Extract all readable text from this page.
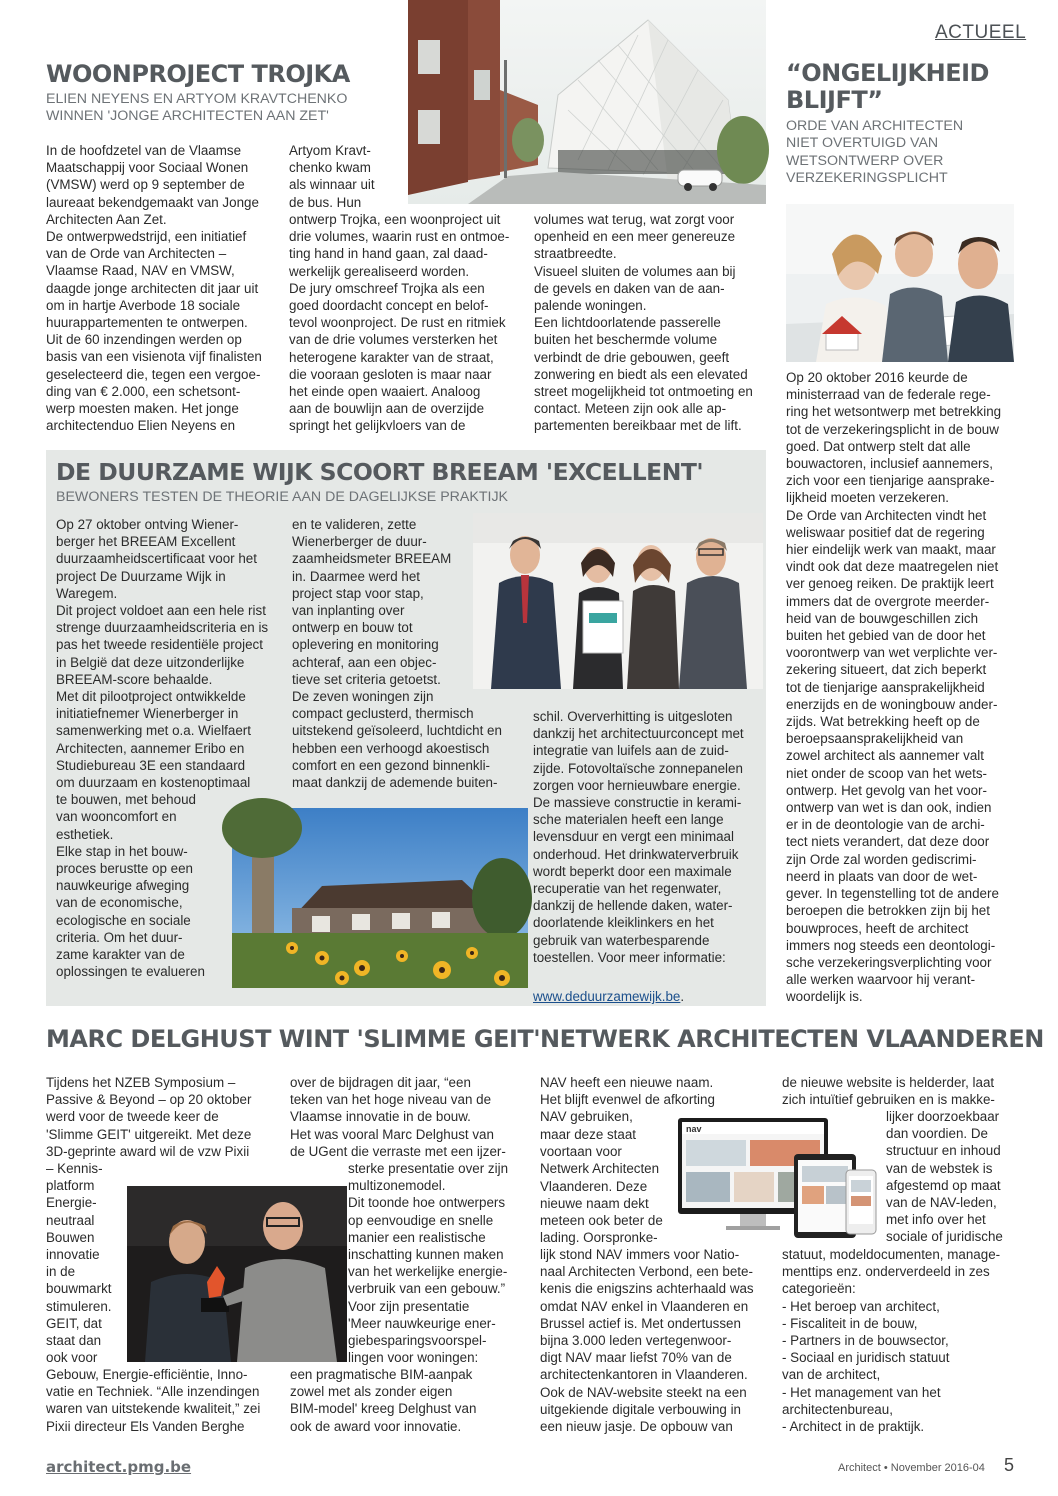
ACTUEEL
WOONPROJECT TROJKA
ELIEN NEYENS EN ARTYOM KRAVTCHENKO
WINNEN 'JONGE ARCHITECTEN AAN ZET'
In de hoofdzetel van de Vlaamse
Maatschappij voor Sociaal Wonen
(VMSW) werd op 9 september de
laureaat bekendgemaakt van Jonge
Architecten Aan Zet.
De ontwerpwedstrijd, een initiatief
van de Orde van Architecten –
Vlaamse Raad, NAV en VMSW,
daagde jonge architecten dit jaar uit
om in hartje Averbode 18 sociale
huurappartementen te ontwerpen.
Uit de 60 inzendingen werden op
basis van een visienota vijf finalisten
geselecteerd die, tegen een vergoe-
ding van € 2.000, een schetsont-
werp moesten maken. Het jonge
architectenduo Elien Neyens en
Artyom Kravt-
chenko kwam
als winnaar uit
de bus. Hun
ontwerp Trojka, een woonproject uit
drie volumes, waarin rust en ontmoe-
ting hand in hand gaan, zal daad-
werkelijk gerealiseerd worden.
De jury omschreef Trojka als een
goed doordacht concept en belof-
tevol woonproject. De rust en ritmiek
van de drie volumes versterken het
heterogene karakter van de straat,
die vooraan gesloten is maar naar
het einde open waaiert. Analoog
aan de bouwlijn aan de overzijde
springt het gelijkvloers van de
volumes wat terug, wat zorgt voor
openheid en een meer genereuze
straatbreedte.
Visueel sluiten de volumes aan bij
de gevels en daken van de aan-
palende woningen.
Een lichtdoorlatende passerelle
buiten het beschermde volume
verbindt de drie gebouwen, geeft
zonwering en biedt als een elevated
street mogelijkheid tot ontmoeting en
contact. Meteen zijn ook alle ap-
partementen bereikbaar met de lift.
“ONGELIJKHEID
BLIJFT”
ORDE VAN ARCHITECTEN
NIET OVERTUIGD VAN
WETSONTWERP OVER
VERZEKERINGSPLICHT
Op 20 oktober 2016 keurde de
ministerraad van de federale rege-
ring het wetsontwerp met betrekking
tot de verzekeringsplicht in de bouw
goed. Dat ontwerp stelt dat alle
bouwactoren, inclusief aannemers,
zich voor een tienjarige aansprake-
lijkheid moeten verzekeren.
De Orde van Architecten vindt het
weliswaar positief dat de regering
hier eindelijk werk van maakt, maar
vindt ook dat deze maatregelen niet
ver genoeg reiken. De praktijk leert
immers dat de overgrote meerder-
heid van de bouwgeschillen zich
buiten het gebied van de door het
voorontwerp van wet verplichte ver-
zekering situeert, dat zich beperkt
tot de tienjarige aansprakelijkheid
enerzijds en de woningbouw ander-
zijds. Wat betrekking heeft op de
beroepsaansprakelijkheid van
zowel architect als aannemer valt
niet onder de scoop van het wets-
ontwerp. Het gevolg van het voor-
ontwerp van wet is dan ook, indien
er in de deontologie van de archi-
tect niets verandert, dat deze door
zijn Orde zal worden gediscrimi-
neerd in plaats van door de wet-
gever. In tegenstelling tot de andere
beroepen die betrokken zijn bij het
bouwproces, heeft de architect
immers nog steeds een deontologi-
sche verzekeringsverplichting voor
alle werken waarvoor hij verant-
woordelijk is.
DE DUURZAME WIJK SCOORT BREEAM 'EXCELLENT'
BEWONERS TESTEN DE THEORIE AAN DE DAGELIJKSE PRAKTIJK
Op 27 oktober ontving Wiener-
berger het BREEAM Excellent
duurzaamheidscertificaat voor het
project De Duurzame Wijk in
Waregem.
Dit project voldoet aan een hele rist
strenge duurzaamheidscriteria en is
pas het tweede residentiële project
in België dat deze uitzonderlijke
BREEAM-score behaalde.
Met dit pilootproject ontwikkelde
initiatiefnemer Wienerberger in
samenwerking met o.a. Wielfaert
Architecten, aannemer Eribo en
Studiebureau 3E een standaard
om duurzaam en kostenoptimaal
te bouwen, met behoud
van wooncomfort en
esthetiek.
Elke stap in het bouw-
proces berustte op een
nauwkeurige afweging
van de economische,
ecologische en sociale
criteria. Om het duur-
zame karakter van de
oplossingen te evalueren
en te valideren, zette
Wienerberger de duur-
zaamheidsmeter BREEAM
in. Daarmee werd het
project stap voor stap,
van inplanting over
ontwerp en bouw tot
oplevering en monitoring
achteraf, aan een objec-
tieve set criteria getoetst.
De zeven woningen zijn
compact geclusterd, thermisch
uitstekend geïsoleerd, luchtdicht en
hebben een verhoogd akoestisch
comfort en een gezond binnenkli-
maat dankzij de ademende buiten-
schil. Oververhitting is uitgesloten
dankzij het architectuurconcept met
integratie van luifels aan de zuid-
zijde. Fotovoltaïsche zonnepanelen
zorgen voor hernieuwbare energie.
De massieve constructie in kerami-
sche materialen heeft een lange
levensduur en vergt een minimaal
onderhoud. Het drinkwaterverbruik
wordt beperkt door een maximale
recuperatie van het regenwater,
dankzij de hellende daken, water-
doorlatende kleiklinkers en het
gebruik van waterbesparende
toestellen. Voor meer informatie:

www.deduurzamewijk.be.

MARC DELGHUST WINT 'SLIMME GEIT'
Tijdens het NZEB Symposium –
Passive & Beyond – op 20 oktober
werd voor de tweede keer de
'Slimme GEIT' uitgereikt. Met deze
3D-geprinte award wil de vzw Pixii
– Kennis-
platform
Energie-
neutraal
Bouwen
innovatie
in de
bouwmarkt
stimuleren.
GEIT, dat
staat dan
ook voor
Gebouw, Energie-efficiëntie, Inno-
vatie en Techniek. “Alle inzendingen
waren van uitstekende kwaliteit,” zei
Pixii directeur Els Vanden Berghe
over de bijdragen dit jaar, “een
teken van het hoge niveau van de
Vlaamse innovatie in de bouw.
Het was vooral Marc Delghust van
de UGent die verraste met een ijzer-
sterke presentatie over zijn
multizonemodel.
Dit toonde hoe ontwerpers
op eenvoudige en snelle
manier een realistische
inschatting kunnen maken
van het werkelijke energie-
verbruik van een gebouw.”
Voor zijn presentatie
'Meer nauwkeurige ener-
giebesparingsvoorspel-
lingen voor woningen:
een pragmatische BIM-aanpak
zowel met als zonder eigen
BIM-model' kreeg Delghust van
ook de award voor innovatie.
NETWERK ARCHITECTEN VLAANDEREN
NAV heeft een nieuwe naam.
Het blijft evenwel de afkorting
NAV gebruiken,
maar deze staat
voortaan voor
Netwerk Architecten
Vlaanderen. Deze
nieuwe naam dekt
meteen ook beter de
lading. Oorspronke-
lijk stond NAV immers voor Natio-
naal Architecten Verbond, een bete-
kenis die enigszins achterhaald was
omdat NAV enkel in Vlaanderen en
Brussel actief is. Met ondertussen
bijna 3.000 leden vertegenwoor-
digt NAV maar liefst 70% van de
architectenkantoren in Vlaanderen.
Ook de NAV-website steekt na een
uitgekiende digitale verbouwing in
een nieuw jasje. De opbouw van
de nieuwe website is helderder, laat
zich intuïtief gebruiken en is makke-
lijker doorzoekbaar
dan voordien. De
structuur en inhoud
van de webstek is
afgestemd op maat
van de NAV-leden,
met info over het
sociale of juridische
statuut, modeldocumenten, manage-
menttips enz. onderverdeeld in zes
categorieën:
- Het beroep van architect,
- Fiscaliteit in de bouw,
- Partners in de bouwsector,
- Sociaal en juridisch statuut
van de architect,
- Het management van het
architectenbureau,
- Architect in de praktijk.
nav
architect.pmg.be	Architect • November 2016-04 5
